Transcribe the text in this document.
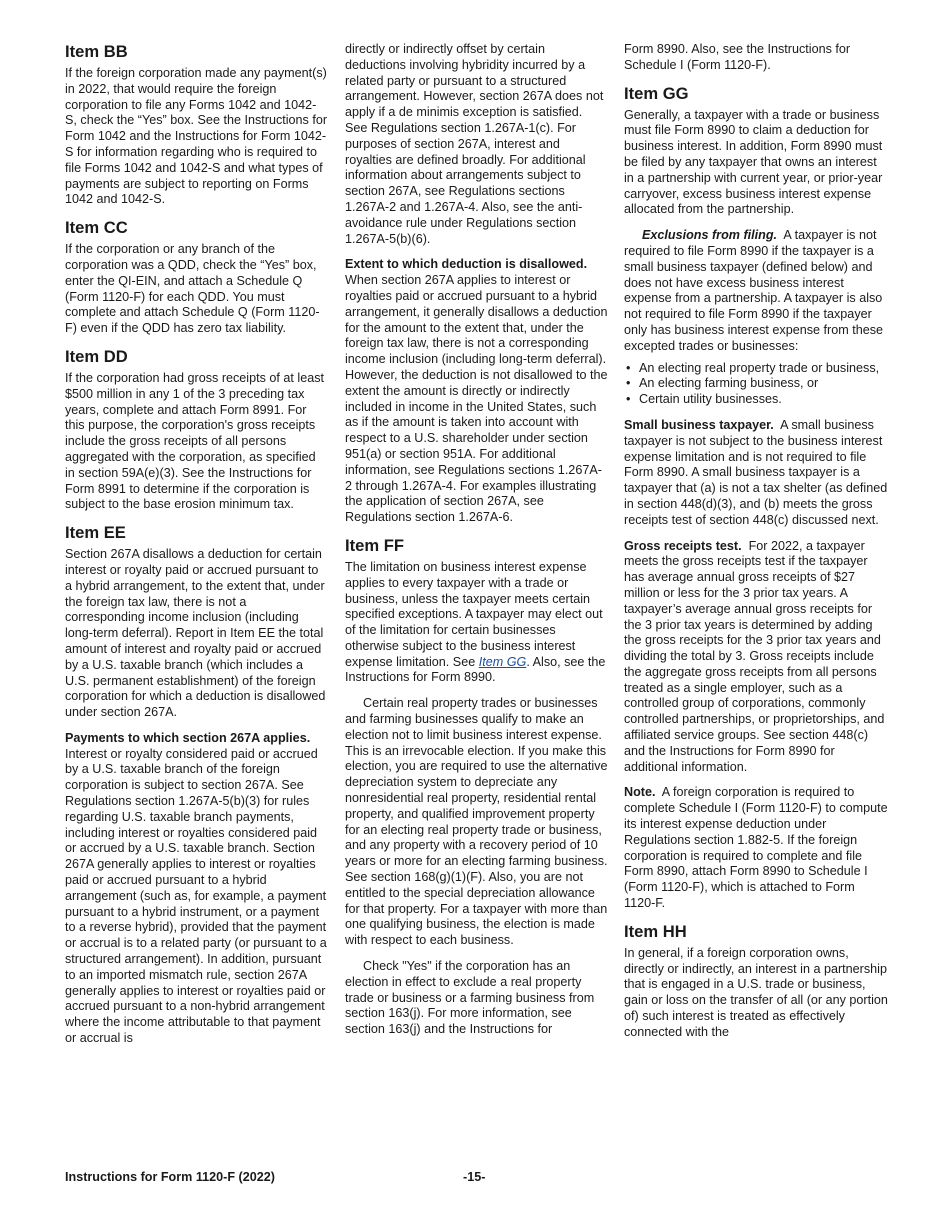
Item BB

If the foreign corporation made any payment(s) in 2022, that would require the foreign corporation to file any Forms 1042 and 1042-S, check the “Yes” box. See the Instructions for Form 1042 and the Instructions for Form 1042-S for information regarding who is required to file Forms 1042 and 1042-S and what types of payments are subject to reporting on Forms 1042 and 1042-S.

Item CC

If the corporation or any branch of the corporation was a QDD, check the “Yes” box, enter the QI-EIN, and attach a Schedule Q (Form 1120-F) for each QDD. You must complete and attach Schedule Q (Form 1120-F) even if the QDD has zero tax liability.

Item DD

If the corporation had gross receipts of at least $500 million in any 1 of the 3 preceding tax years, complete and attach Form 8991. For this purpose, the corporation's gross receipts include the gross receipts of all persons aggregated with the corporation, as specified in section 59A(e)(3). See the Instructions for Form 8991 to determine if the corporation is subject to the base erosion minimum tax.

Item EE

Section 267A disallows a deduction for certain interest or royalty paid or accrued pursuant to a hybrid arrangement, to the extent that, under the foreign tax law, there is not a corresponding income inclusion (including long-term deferral). Report in Item EE the total amount of interest and royalty paid or accrued by a U.S. taxable branch (which includes a U.S. permanent establishment) of the foreign corporation for which a deduction is disallowed under section 267A.

Payments to which section 267A applies.  Interest or royalty considered paid or accrued by a U.S. taxable branch of the foreign corporation is subject to section 267A. See Regulations section 1.267A-5(b)(3) for rules regarding U.S. taxable branch payments, including interest or royalties considered paid or accrued by a U.S. taxable branch. Section 267A generally applies to interest or royalties paid or accrued pursuant to a hybrid arrangement (such as, for example, a payment pursuant to a hybrid instrument, or a payment to a reverse hybrid), provided that the payment or accrual is to a related party (or pursuant to a structured arrangement). In addition, pursuant to an imported mismatch rule, section 267A generally applies to interest or royalties paid or accrued pursuant to a non-hybrid arrangement where the income attributable to that payment or accrual is

directly or indirectly offset by certain deductions involving hybridity incurred by a related party or pursuant to a structured arrangement. However, section 267A does not apply if a de minimis exception is satisfied. See Regulations section 1.267A-1(c). For purposes of section 267A, interest and royalties are defined broadly. For additional information about arrangements subject to section 267A, see Regulations sections 1.267A-2 and 1.267A-4. Also, see the anti-avoidance rule under Regulations section 1.267A-5(b)(6).

Extent to which deduction is disallowed.  When section 267A applies to interest or royalties paid or accrued pursuant to a hybrid arrangement, it generally disallows a deduction for the amount to the extent that, under the foreign tax law, there is not a corresponding income inclusion (including long-term deferral). However, the deduction is not disallowed to the extent the amount is directly or indirectly included in income in the United States, such as if the amount is taken into account with respect to a U.S. shareholder under section 951(a) or section 951A. For additional information, see Regulations sections 1.267A-2 through 1.267A-4. For examples illustrating the application of section 267A, see Regulations section 1.267A-6.

Item FF

The limitation on business interest expense applies to every taxpayer with a trade or business, unless the taxpayer meets certain specified exceptions. A taxpayer may elect out of the limitation for certain businesses otherwise subject to the business interest expense limitation. See Item GG. Also, see the Instructions for Form 8990.

Certain real property trades or businesses and farming businesses qualify to make an election not to limit business interest expense. This is an irrevocable election. If you make this election, you are required to use the alternative depreciation system to depreciate any nonresidential real property, residential rental property, and qualified improvement property for an electing real property trade or business, and any property with a recovery period of 10 years or more for an electing farming business. See section 168(g)(1)(F). Also, you are not entitled to the special depreciation allowance for that property. For a taxpayer with more than one qualifying business, the election is made with respect to each business.

Check "Yes" if the corporation has an election in effect to exclude a real property trade or business or a farming business from section 163(j). For more information, see section 163(j) and the Instructions for

Form 8990. Also, see the Instructions for Schedule I (Form 1120-F).

Item GG

Generally, a taxpayer with a trade or business must file Form 8990 to claim a deduction for business interest. In addition, Form 8990 must be filed by any taxpayer that owns an interest in a partnership with current year, or prior-year carryover, excess business interest expense allocated from the partnership.

Exclusions from filing. A taxpayer is not required to file Form 8990 if the taxpayer is a small business taxpayer (defined below) and does not have excess business interest expense from a partnership. A taxpayer is also not required to file Form 8990 if the taxpayer only has business interest expense from these excepted trades or businesses:

• An electing real property trade or business,
• An electing farming business, or
• Certain utility businesses.

Small business taxpayer. A small business taxpayer is not subject to the business interest expense limitation and is not required to file Form 8990. A small business taxpayer is a taxpayer that (a) is not a tax shelter (as defined in section 448(d)(3), and (b) meets the gross receipts test of section 448(c) discussed next.

Gross receipts test. For 2022, a taxpayer meets the gross receipts test if the taxpayer has average annual gross receipts of $27 million or less for the 3 prior tax years. A taxpayer’s average annual gross receipts for the 3 prior tax years is determined by adding the gross receipts for the 3 prior tax years and dividing the total by 3. Gross receipts include the aggregate gross receipts from all persons treated as a single employer, such as a controlled group of corporations, commonly controlled partnerships, or proprietorships, and affiliated service groups. See section 448(c) and the Instructions for Form 8990 for additional information.

Note. A foreign corporation is required to complete Schedule I (Form 1120-F) to compute its interest expense deduction under Regulations section 1.882-5. If the foreign corporation is required to complete and file Form 8990, attach Form 8990 to Schedule I (Form 1120-F), which is attached to Form 1120-F.

Item HH

In general, if a foreign corporation owns, directly or indirectly, an interest in a partnership that is engaged in a U.S. trade or business, gain or loss on the transfer of all (or any portion of) such interest is treated as effectively connected with the

Instructions for Form 1120-F (2022)	-15-
